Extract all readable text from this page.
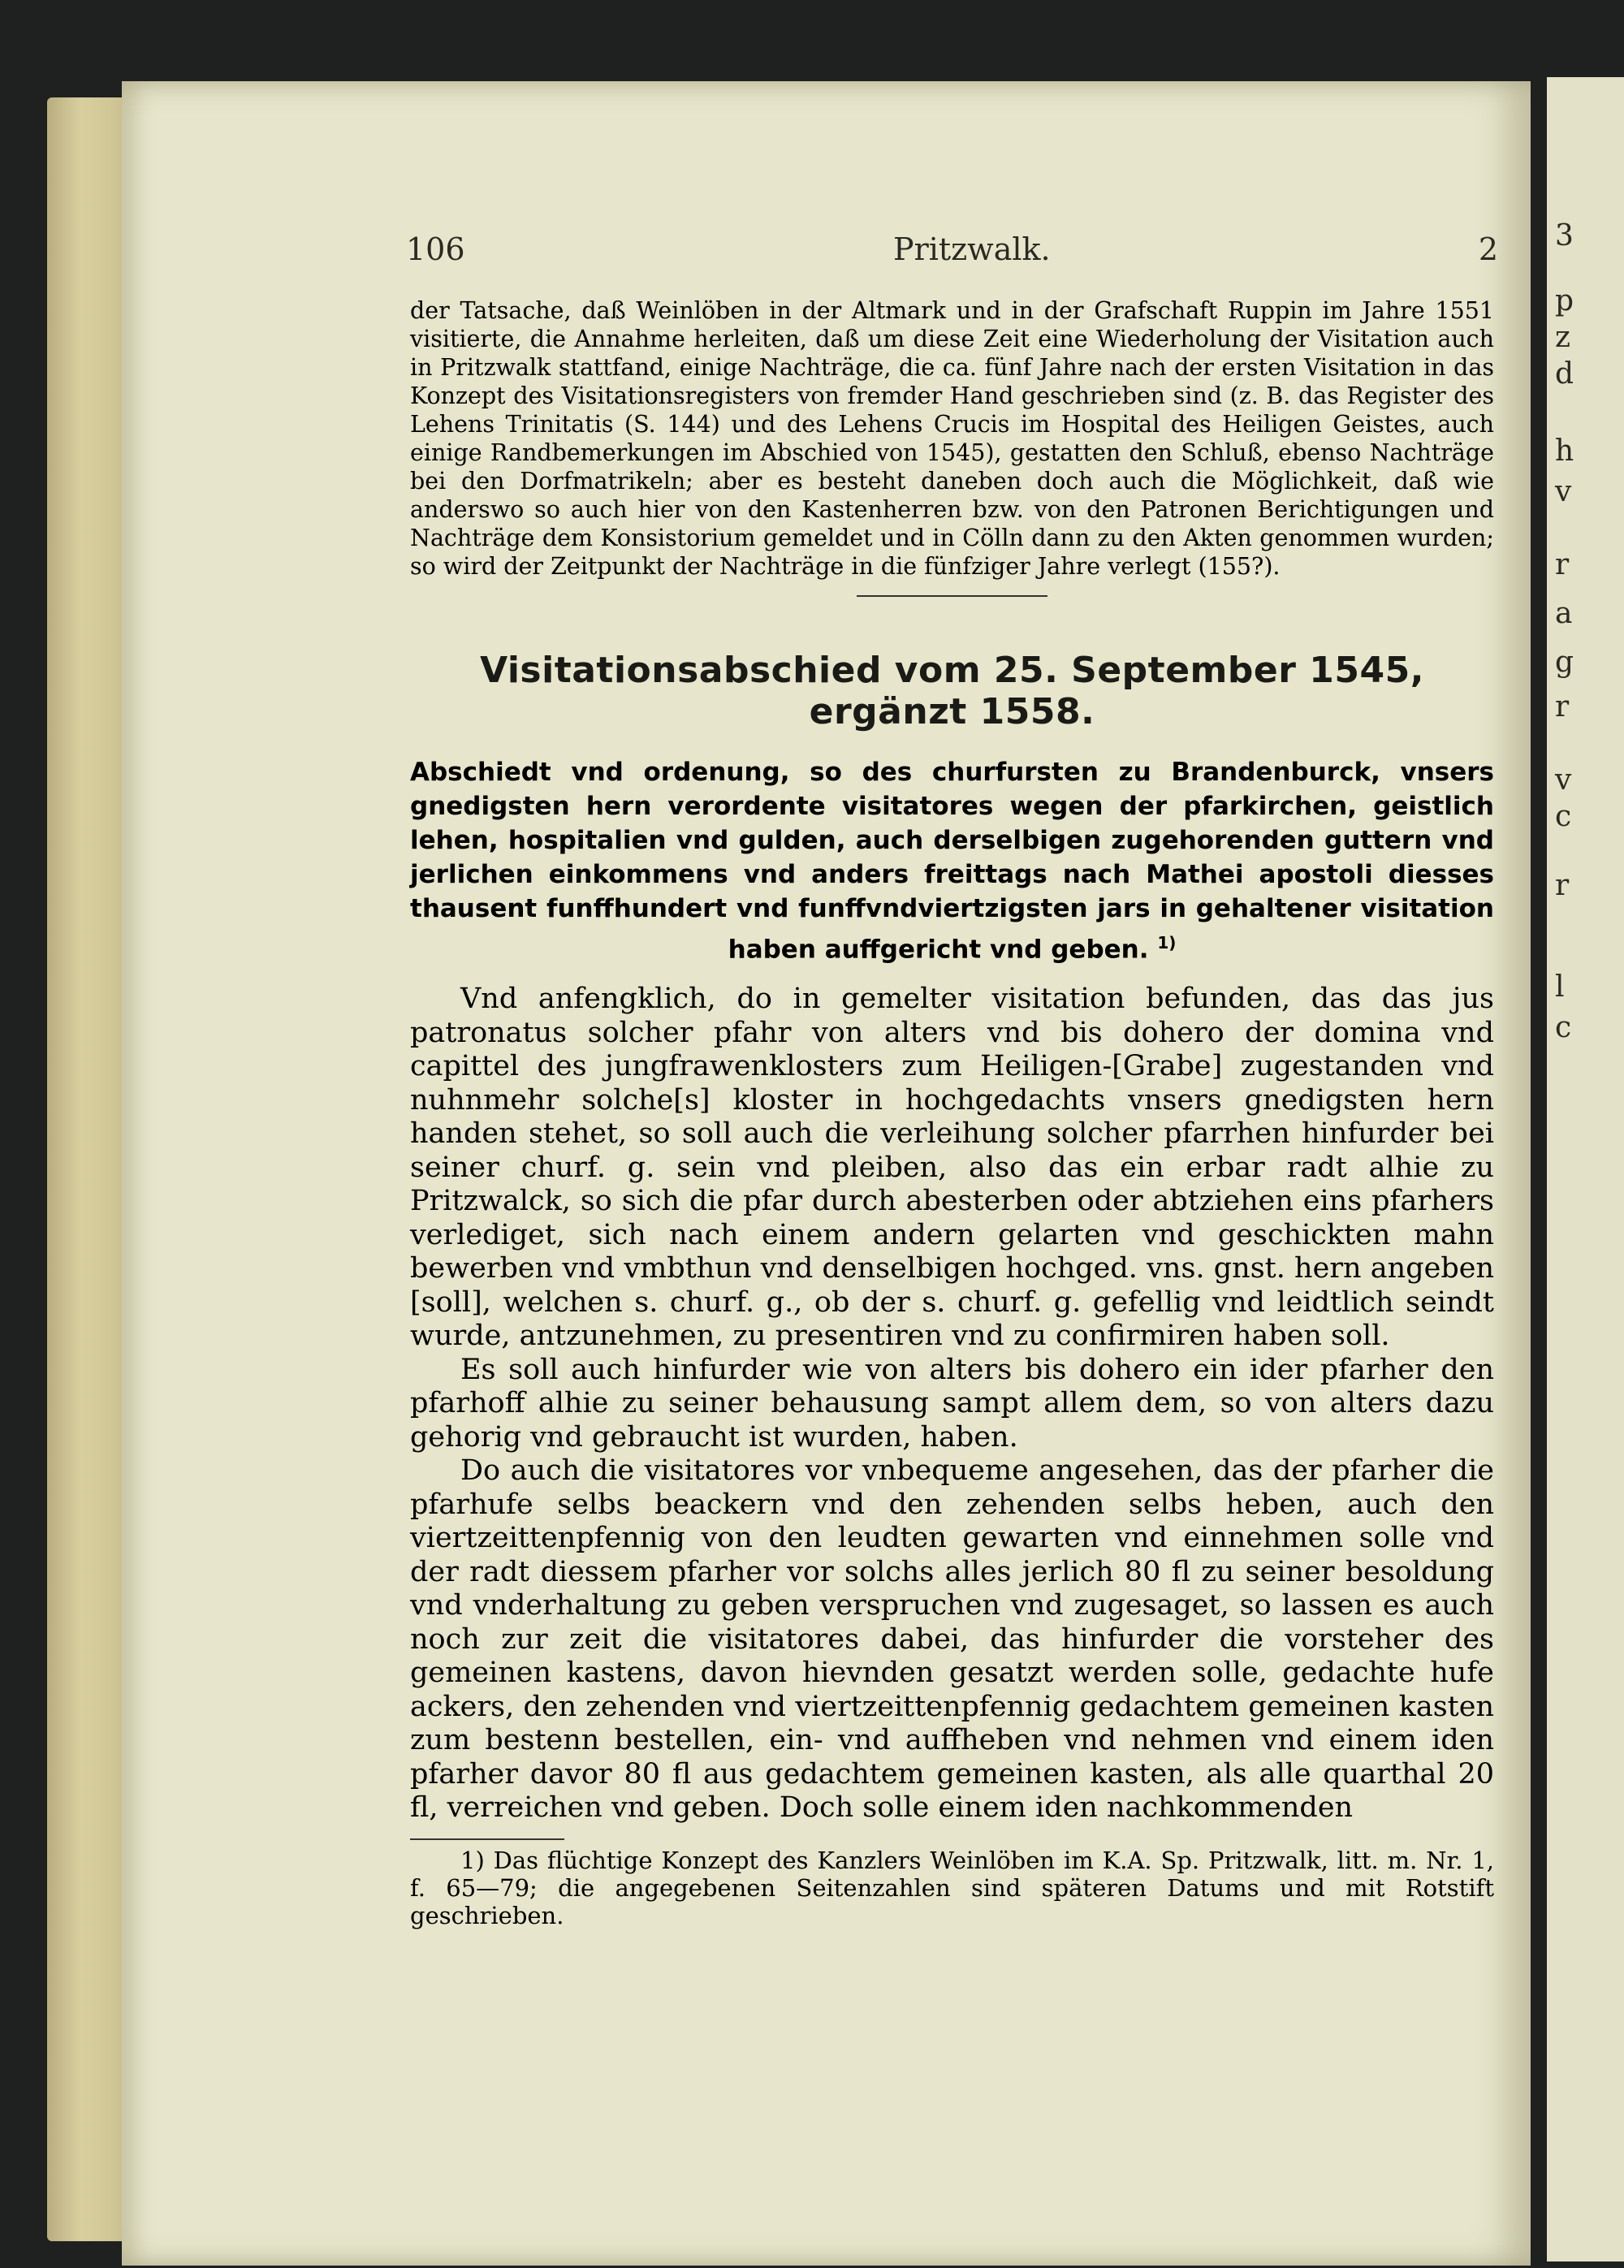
3
p
z
d
h
v
r
a
g
r
v
c
r
l
c
106	Pritzwalk.	2

der Tatsache, daß Weinlöben in der Altmark und in der Grafschaft Ruppin im Jahre 1551 visitierte, die Annahme herleiten, daß um diese Zeit eine Wiederholung der Visitation auch in Pritzwalk stattfand, einige Nachträge, die ca. fünf Jahre nach der ersten Visitation in das Konzept des Visitationsregisters von fremder Hand geschrieben sind (z. B. das Register des Lehens Trinitatis (S. 144) und des Lehens Crucis im Hospital des Heiligen Geistes, auch einige Randbemerkungen im Abschied von 1545), gestatten den Schluß, ebenso Nachträge bei den Dorfmatrikeln; aber es besteht daneben doch auch die Möglichkeit, daß wie anderswo so auch hier von den Kastenherren bzw. von den Patronen Berichtigungen und Nachträge dem Konsistorium gemeldet und in Cölln dann zu den Akten genommen wurden; so wird der Zeitpunkt der Nachträge in die fünfziger Jahre verlegt (155?).

Visitationsabschied vom 25. September 1545, ergänzt 1558.

Abschiedt vnd ordenung, so des churfursten zu Brandenburck, vnsers gnedigsten hern verordente visitatores wegen der pfarkirchen, geistlich lehen, hospitalien vnd gulden, auch derselbigen zugehorenden guttern vnd jerlichen einkommens vnd anders freittags nach Mathei apostoli diesses thausent funffhundert vnd funffvndviertzigsten jars in gehaltener visitation haben auffgericht vnd geben. $^{1)}$

Vnd anfengklich, do in gemelter visitation befunden, das das jus patronatus solcher pfahr von alters vnd bis dohero der domina vnd capittel des jungfrawenklosters zum Heiligen-[Grabe] zugestanden vnd nuhnmehr solche[s] kloster in hochgedachts vnsers gnedigsten hern handen stehet, so soll auch die verleihung solcher pfarrhen hinfurder bei seiner churf. g. sein vnd pleiben, also das ein erbar radt alhie zu Pritzwalck, so sich die pfar durch abesterben oder abtziehen eins pfarhers verlediget, sich nach einem andern gelarten vnd geschickten mahn bewerben vnd vmbthun vnd denselbigen hochged. vns. gnst. hern angeben [soll], welchen s. churf. g., ob der s. churf. g. gefellig vnd leidtlich seindt wurde, antzunehmen, zu presentiren vnd zu confirmiren haben soll.

Es soll auch hinfurder wie von alters bis dohero ein ider pfarher den pfarhoff alhie zu seiner behausung sampt allem dem, so von alters dazu gehorig vnd gebraucht ist wurden, haben.

Do auch die visitatores vor vnbequeme angesehen, das der pfarher die pfarhufe selbs beackern vnd den zehenden selbs heben, auch den viertzeittenpfennig von den leudten gewarten vnd einnehmen solle vnd der radt diessem pfarher vor solchs alles jerlich 80 fl zu seiner besoldung vnd vnderhaltung zu geben verspruchen vnd zugesaget, so lassen es auch noch zur zeit die visitatores dabei, das hinfurder die vorsteher des gemeinen kastens, davon hievnden gesatzt werden solle, gedachte hufe ackers, den zehenden vnd viertzeittenpfennig gedachtem gemeinen kasten zum bestenn bestellen, ein- vnd auffheben vnd nehmen vnd einem iden pfarher davor 80 fl aus gedachtem gemeinen kasten, als alle quarthal 20 fl, verreichen vnd geben. Doch solle einem iden nachkommenden

1) Das flüchtige Konzept des Kanzlers Weinlöben im K.A. Sp. Pritzwalk, litt. m. Nr. 1, f. 65—79; die angegebenen Seitenzahlen sind späteren Datums und mit Rotstift geschrieben.
